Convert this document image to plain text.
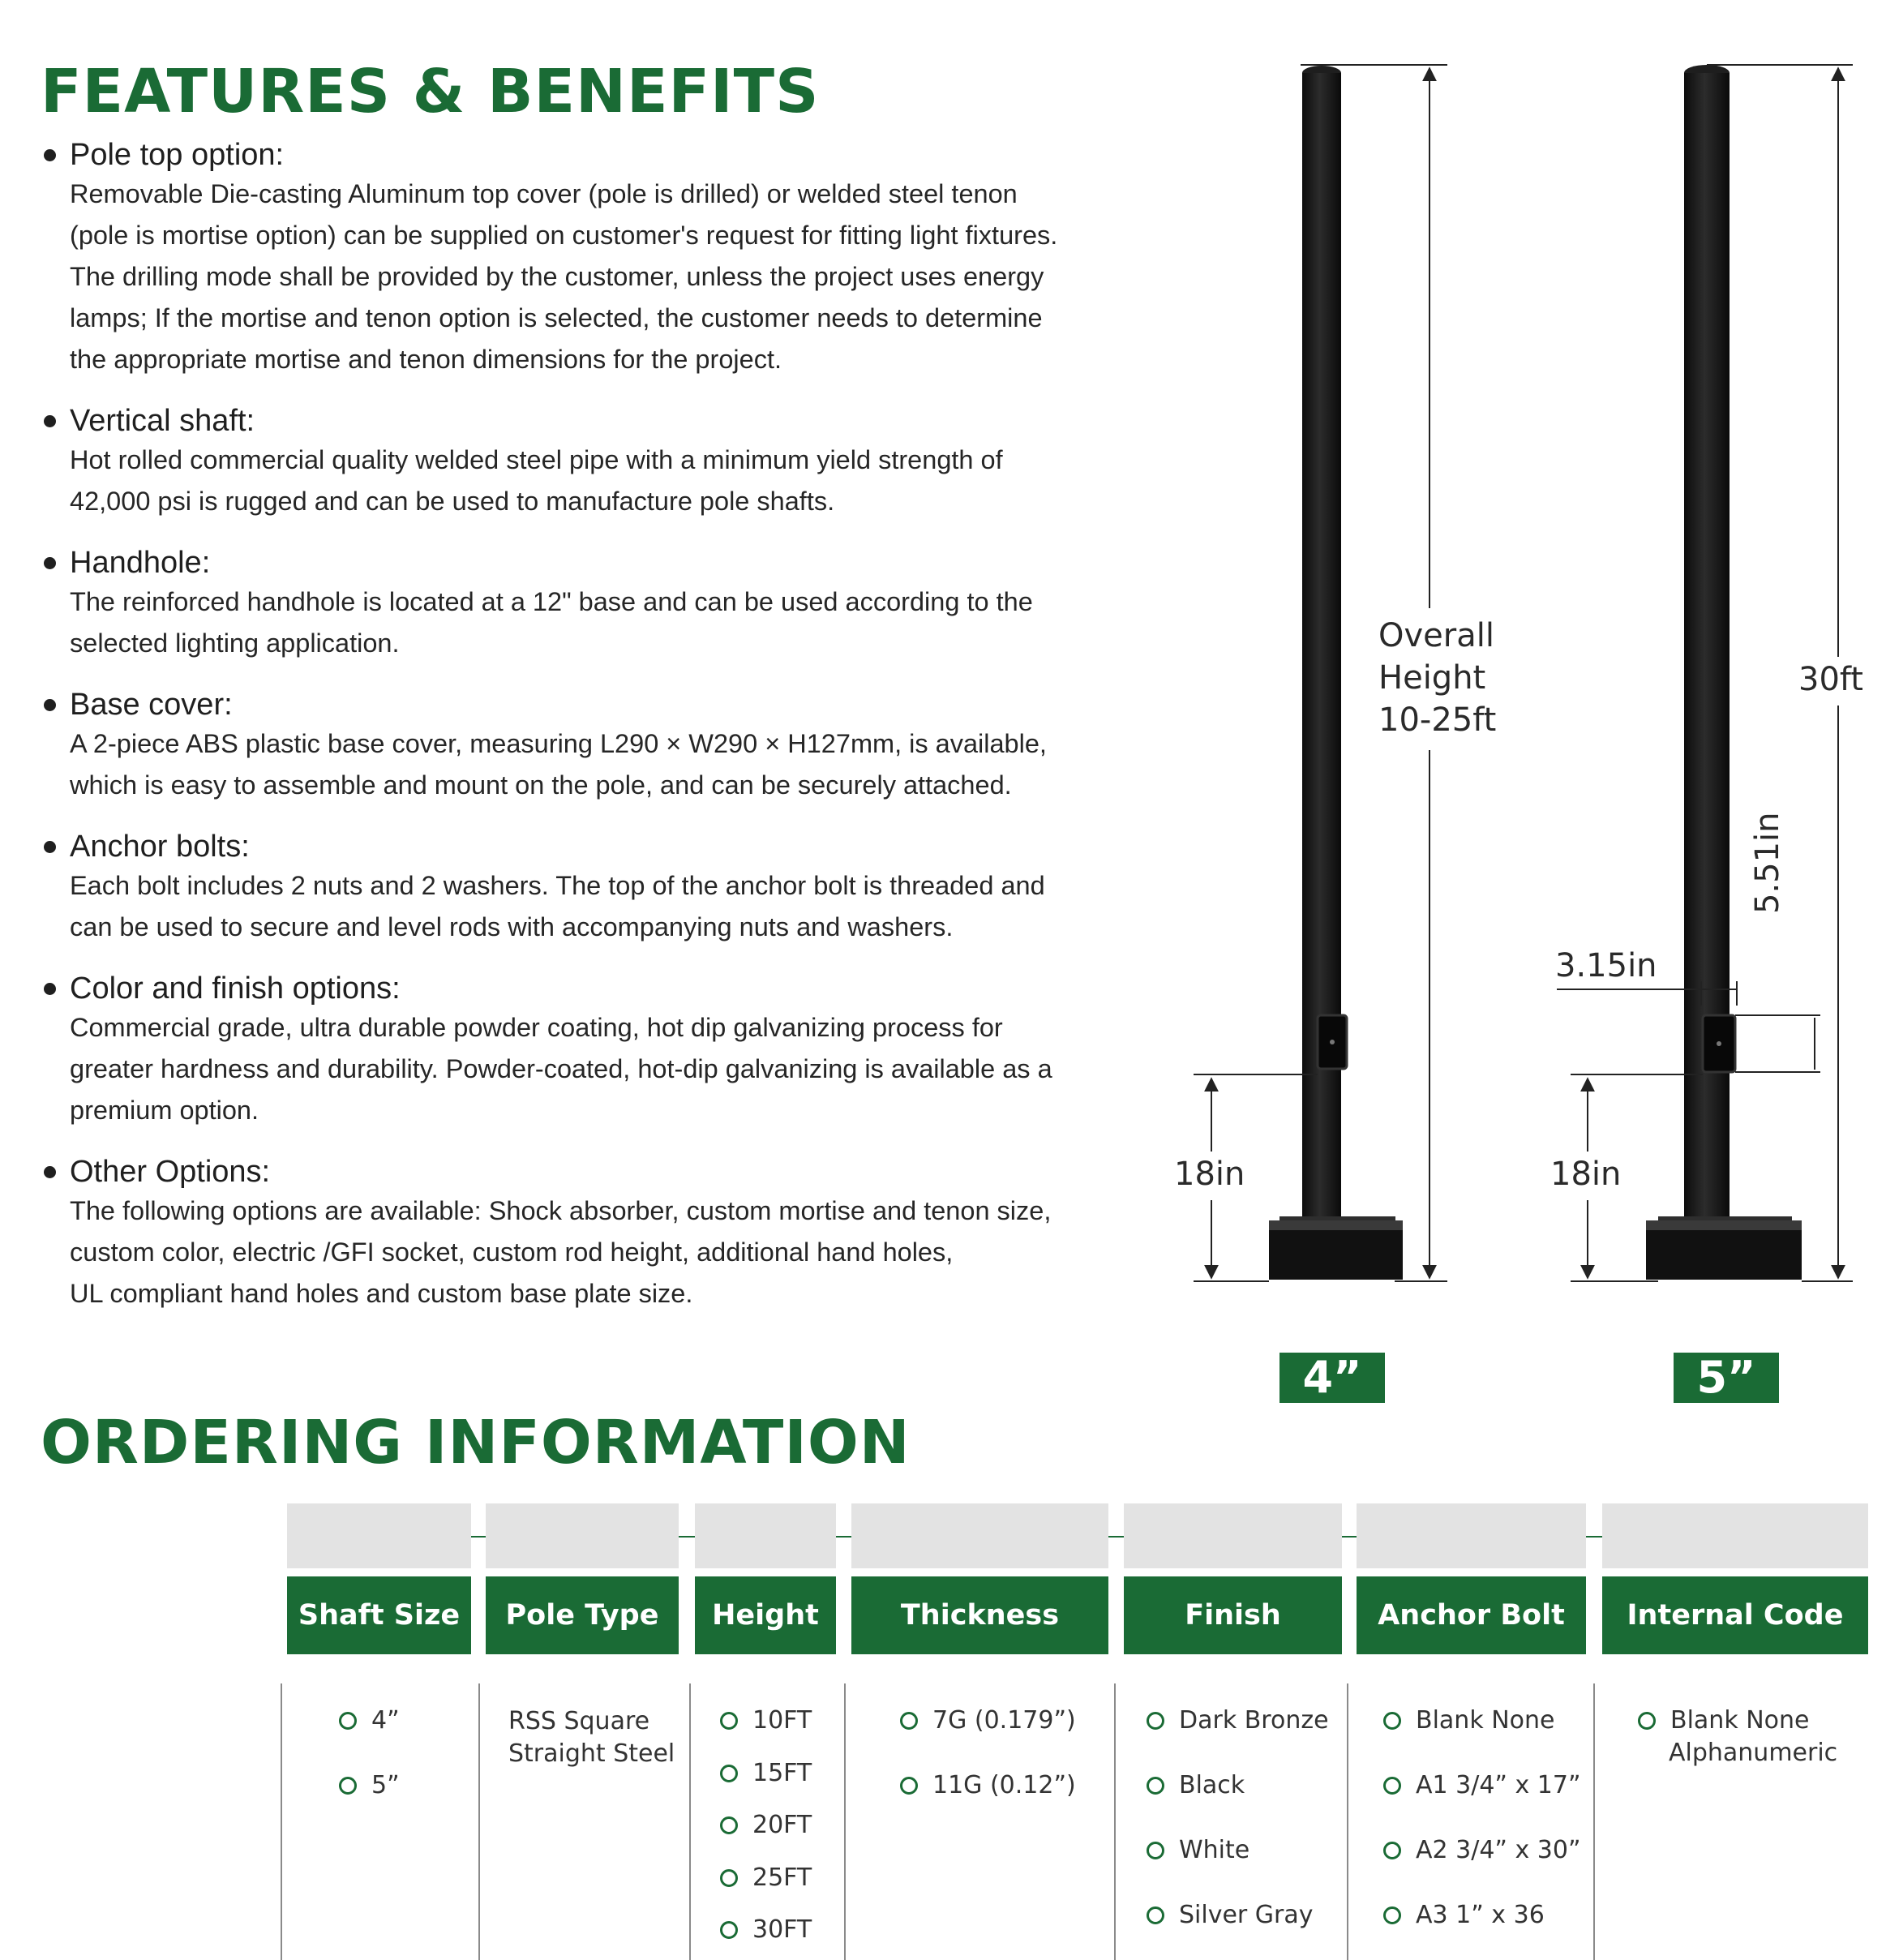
FEATURES & BENEFITS
Pole top option:
Removable Die-casting Aluminum top cover (pole is drilled) or welded steel tenon
(pole is mortise option) can be supplied on customer's request for fitting light fixtures.
The drilling mode shall be provided by the customer, unless the project uses energy
lamps; If the mortise and tenon option is selected, the customer needs to determine
the appropriate mortise and tenon dimensions for the project.
Vertical shaft:
Hot rolled commercial quality welded steel pipe with a minimum yield strength of
42,000 psi is rugged and can be used to manufacture pole shafts.
Handhole:
The reinforced handhole is located at a 12" base and can be used according to the
selected lighting application.
Base cover:
A 2-piece ABS plastic base cover, measuring L290 × W290 × H127mm, is available,
which is easy to assemble and mount on the pole, and can be securely attached.
Anchor bolts:
Each bolt includes 2 nuts and 2 washers. The top of the anchor bolt is threaded and
can be used to secure and level rods with accompanying nuts and washers.
Color and finish options:
Commercial grade, ultra durable powder coating, hot dip galvanizing process for
greater hardness and durability. Powder-coated, hot-dip galvanizing is available as a
premium option.
Other Options:
The following options are available: Shock absorber, custom mortise and tenon size,
custom color, electric /GFI socket, custom rod height, additional hand holes,
UL compliant hand holes and custom base plate size.
Overall
Height
10-25ft
30ft
3.15in
5.51in
18in	18in
4”	5”
ORDERING INFORMATION
Shaft Size
4”
5”
Pole Type
RSS Square
Straight Steel
Height
10FT
15FT
20FT
25FT
30FT
Thickness
7G (0.179”)
11G (0.12”)
Finish
Dark Bronze
Black
White
Silver Gray
Anchor Bolt
Blank None
A1 3/4” x 17”
A2 3/4” x 30”
A3 1” x 36
Internal Code
Blank None
Alphanumeric
